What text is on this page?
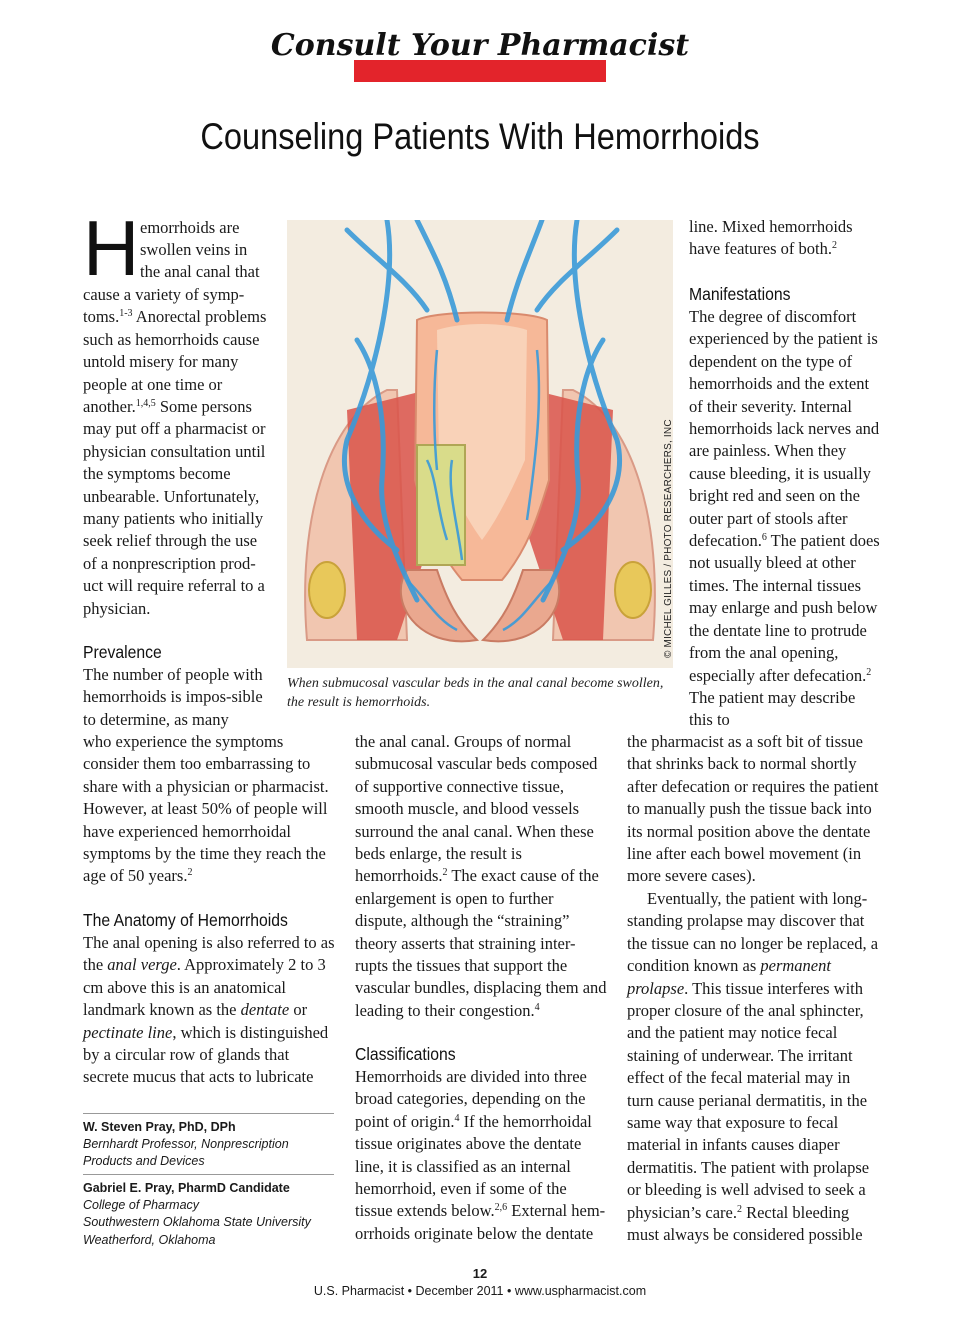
Consult Your Pharmacist
Counseling Patients With Hemorrhoids
H emorrhoids are
swollen veins in
the anal canal that

cause a variety of symp-toms.$^{1-3}$ Anorectal problems such as hemorrhoids cause untold misery for many people at one time or another.$^{1,4,5}$ Some persons may put off a pharmacist or physician consultation until the symptoms become unbearable. Unfortunately, many patients who initially seek relief through the use of a nonprescription prod-uct will require referral to a physician.

Prevalence

The number of people with hemorrhoids is impos-sible to determine, as many

who experience the symptoms consider them too embarrassing to share with a physician or pharmacist. However, at least 50% of people will have experienced hemorrhoidal symptoms by the time they reach the age of 50 years.$^2$

The Anatomy of Hemorrhoids

The anal opening is also referred to as the anal verge. Approximately 2 to 3 cm above this is an anatomical landmark known as the dentate or pectinate line, which is distinguished by a circular row of glands that secrete mucus that acts to lubricate

W. Steven Pray, PhD, DPh
Bernhardt Professor, Nonprescription
Products and Devices
Gabriel E. Pray, PharmD Candidate
College of Pharmacy
Southwestern Oklahoma State University
Weatherford, Oklahoma
© MICHEL GILLES / PHOTO RESEARCHERS, INC
When submucosal vascular beds in the anal canal become swollen, the result is hemorrhoids.

the anal canal. Groups of normal submucosal vascular beds composed of supportive connective tissue, smooth muscle, and blood vessels surround the anal canal. When these beds enlarge, the result is hemorrhoids.$^2$ The exact cause of the enlargement is open to further dispute, although the “straining” theory asserts that straining inter-rupts the tissues that support the vascular bundles, displacing them and leading to their congestion.$^4$

Classifications

Hemorrhoids are divided into three broad categories, depending on the point of origin.$^4$ If the hemorrhoidal tissue originates above the dentate line, it is classified as an internal hemorrhoid, even if some of the tissue extends below.$^{2,6}$ External hem-orrhoids originate below the dentate

line. Mixed hemorrhoids have features of both.$^2$

Manifestations

The degree of discomfort experienced by the patient is dependent on the type of hemorrhoids and the extent of their severity. Internal hemorrhoids lack nerves and are painless. When they cause bleeding, it is usually bright red and seen on the outer part of stools after defecation.$^6$ The patient does not usually bleed at other times. The internal tissues may enlarge and push below the dentate line to protrude from the anal opening, especially after defecation.$^2$ The patient may describe this to

the pharmacist as a soft bit of tissue that shrinks back to normal shortly after defecation or requires the patient to manually push the tissue back into its normal position above the dentate line after each bowel movement (in more severe cases).

Eventually, the patient with long-standing prolapse may discover that the tissue can no longer be replaced, a condition known as permanent prolapse. This tissue interferes with proper closure of the anal sphincter, and the patient may notice fecal staining of underwear. The irritant effect of the fecal material may in turn cause perianal dermatitis, in the same way that exposure to fecal material in infants causes diaper dermatitis. The patient with prolapse or bleeding is well advised to seek a physician’s care.$^2$ Rectal bleeding must always be considered possible

12
U.S. Pharmacist • December 2011 • www.uspharmacist.com
